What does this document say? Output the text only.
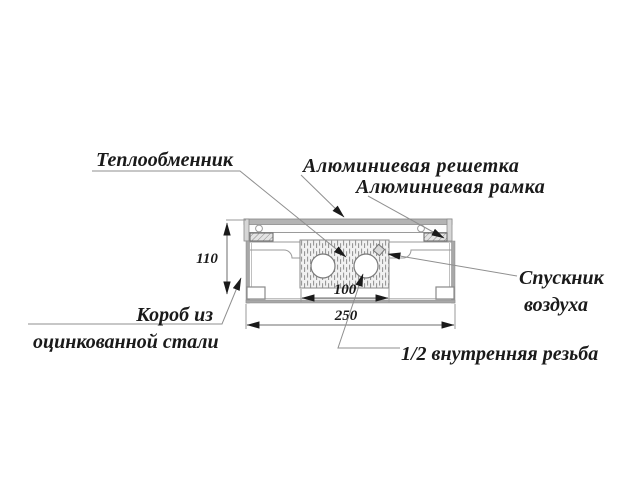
110
100
250
Теплообменник	Алюминиевая решетка
Алюминиевая рамка
Спускник
воздуха
Короб из
оцинкованной стали
1/2 внутренняя резьба
